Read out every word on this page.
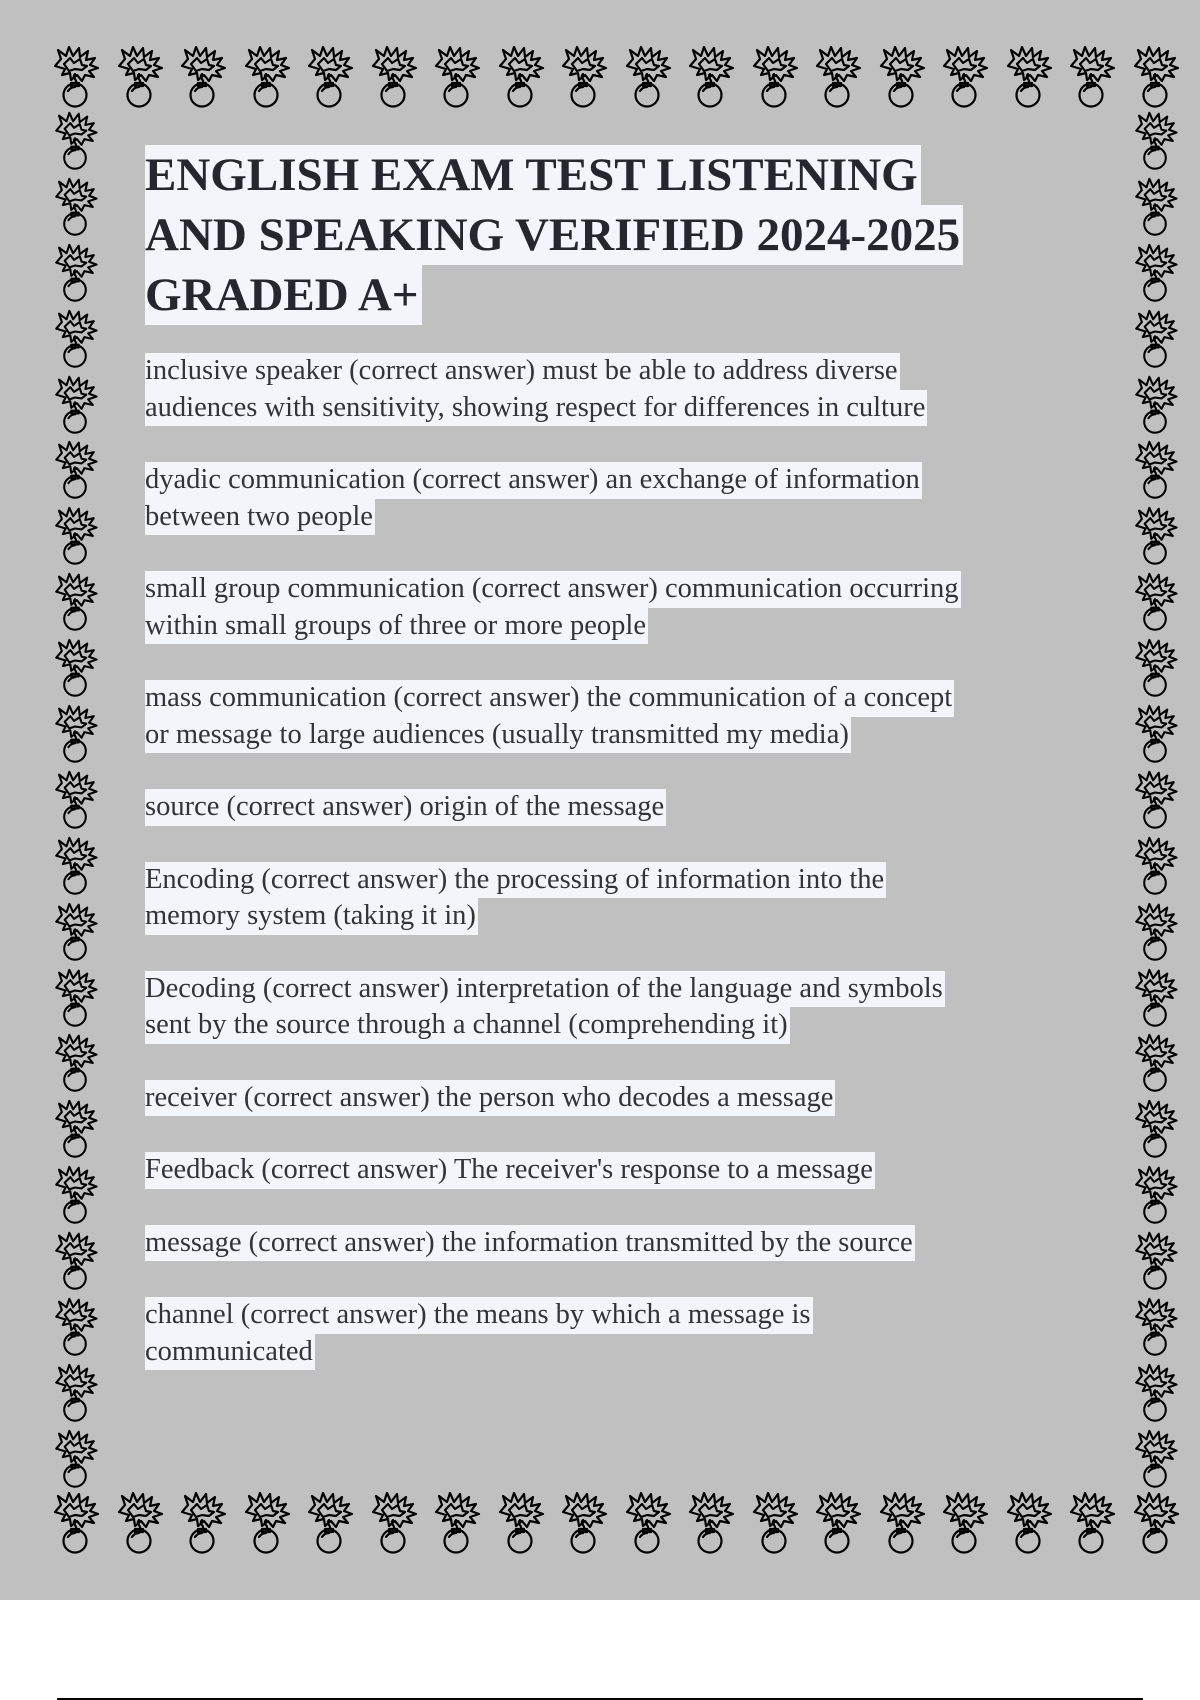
ENGLISH EXAM TEST LISTENING
AND SPEAKING VERIFIED 2024-2025
GRADED A+
inclusive speaker (correct answer) must be able to address diverse
audiences with sensitivity, showing respect for differences in culture
dyadic communication (correct answer) an exchange of information
between two people
small group communication (correct answer) communication occurring
within small groups of three or more people
mass communication (correct answer) the communication of a concept
or message to large audiences (usually transmitted my media)
source (correct answer) origin of the message
Encoding (correct answer) the processing of information into the
memory system (taking it in)
Decoding (correct answer) interpretation of the language and symbols
sent by the source through a channel (comprehending it)
receiver (correct answer) the person who decodes a message
Feedback (correct answer) The receiver's response to a message
message (correct answer) the information transmitted by the source
channel (correct answer) the means by which a message is
communicated
